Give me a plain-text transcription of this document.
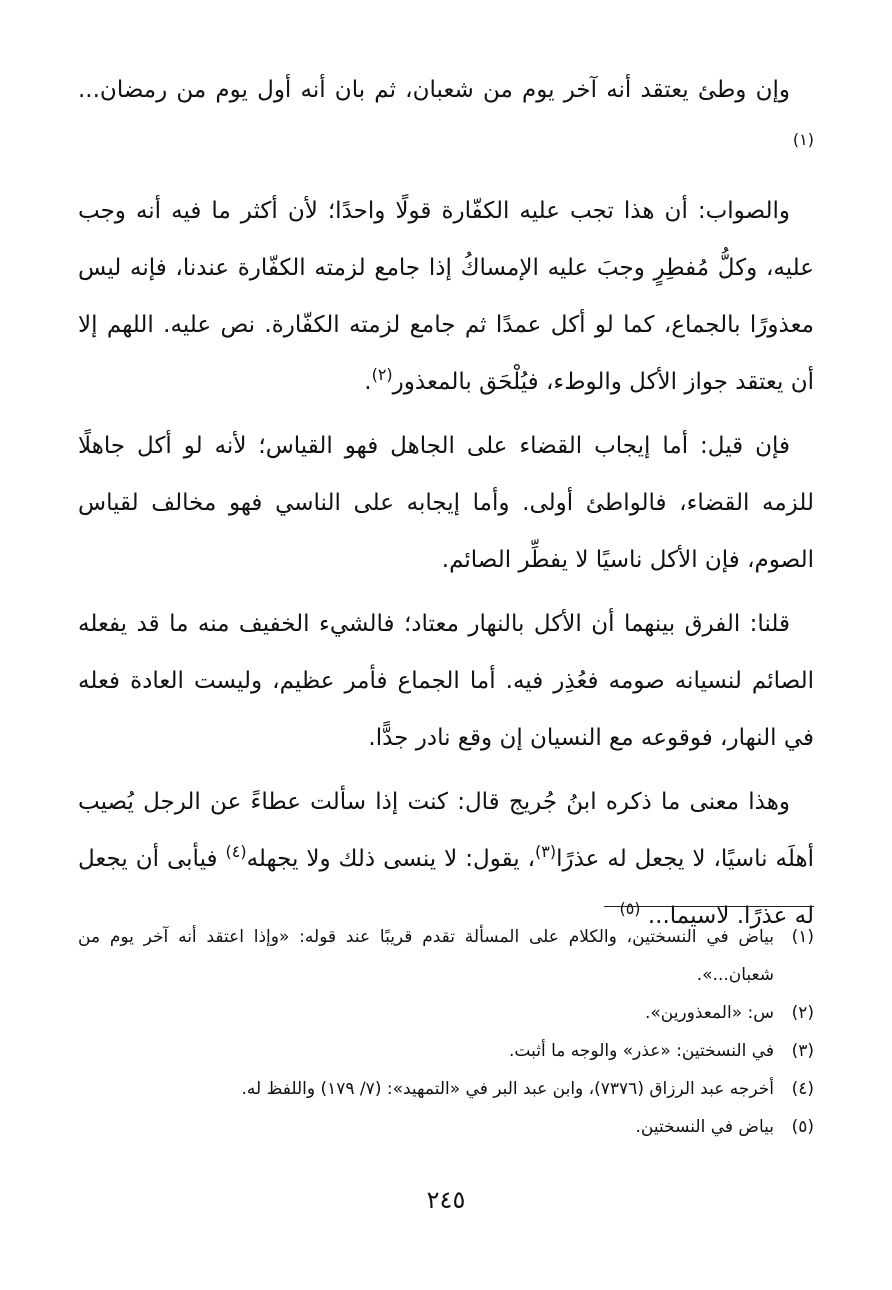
وإن وطئ يعتقد أنه آخر يوم من شعبان، ثم بان أنه أول يوم من رمضان... $^{(١)}$

والصواب: أن هذا تجب عليه الكفّارة قولًا واحدًا؛ لأن أكثر ما فيه أنه وجب عليه، وكلُّ مُفطِرٍ وجبَ عليه الإمساكُ إذا جامع لزمته الكفّارة عندنا، فإنه ليس معذورًا بالجماع، كما لو أكل عمدًا ثم جامع لزمته الكفّارة. نص عليه. اللهم إلا أن يعتقد جواز الأكل والوطء، فيُلْحَق بالمعذور$^{(٢)}$.

فإن قيل: أما إيجاب القضاء على الجاهل فهو القياس؛ لأنه لو أكل جاهلًا للزمه القضاء، فالواطئ أولى. وأما إيجابه على الناسي فهو مخالف لقياس الصوم، فإن الأكل ناسيًا لا يفطِّر الصائم.

قلنا: الفرق بينهما أن الأكل بالنهار معتاد؛ فالشيء الخفيف منه ما قد يفعله الصائم لنسيانه صومه فعُذِر فيه. أما الجماع فأمر عظيم، وليست العادة فعله في النهار، فوقوعه مع النسيان إن وقع نادر جدًّا.

وهذا معنى ما ذكره ابنُ جُريج قال: كنت إذا سألت عطاءً عن الرجل يُصيب أهلَه ناسيًا، لا يجعل له عذرًا$^{(٣)}$، يقول: لا ينسى ذلك ولا يجهله$^{(٤)}$ فيأبى أن يجعل له عذرًا. لاسيما... $^{(٥)}$

(١)
بياض في النسختين، والكلام على المسألة تقدم قريبًا عند قوله: «وإذا اعتقد أنه آخر يوم من شعبان...».
(٢)
س: «المعذورين».
(٣)
في النسختين: «عذر» والوجه ما أثبت.
(٤)
أخرجه عبد الرزاق (٧٣٧٦)، وابن عبد البر في «التمهيد»: (٧/ ١٧٩) واللفظ له.
(٥)
بياض في النسختين.
٢٤٥
